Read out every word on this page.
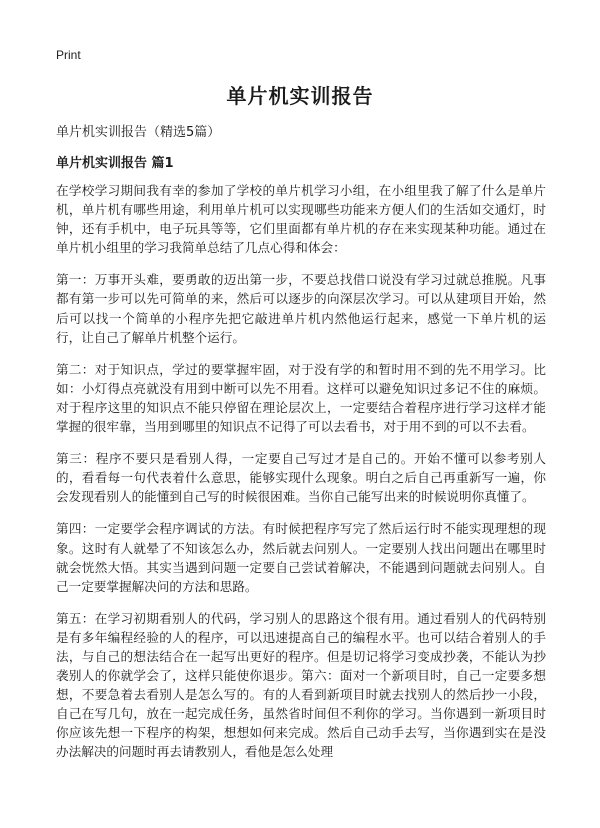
Print
单片机实训报告
单片机实训报告（精选5篇）
单片机实训报告 篇1

在学校学习期间我有幸的参加了学校的单片机学习小组，在小组里我了解了什么是单片机，单片机有哪些用途，利用单片机可以实现哪些功能来方便人们的生活如交通灯，时钟，还有手机中，电子玩具等等，它们里面都有单片机的存在来实现某种功能。通过在单片机小组里的学习我简单总结了几点心得和体会：

第一：万事开头难，要勇敢的迈出第一步，不要总找借口说没有学习过就总推脱。凡事都有第一步可以先可简单的来，然后可以逐步的向深层次学习。可以从建项目开始，然后可以找一个简单的小程序先把它敲进单片机内然他运行起来，感觉一下单片机的运行，让自己了解单片机整个运行。

第二：对于知识点，学过的要掌握牢固，对于没有学的和暂时用不到的先不用学习。比如：小灯得点亮就没有用到中断可以先不用看。这样可以避免知识过多记不住的麻烦。对于程序这里的知识点不能只停留在理论层次上，一定要结合着程序进行学习这样才能掌握的很牢靠，当用到哪里的知识点不记得了可以去看书，对于用不到的可以不去看。

第三：程序不要只是看别人得，一定要自己写过才是自己的。开始不懂可以参考别人的，看看每一句代表着什么意思，能够实现什么现象。明白之后自己再重新写一遍，你会发现看别人的能懂到自己写的时候很困难。当你自己能写出来的时候说明你真懂了。

第四：一定要学会程序调试的方法。有时候把程序写完了然后运行时不能实现理想的现象。这时有人就晕了不知该怎么办，然后就去问别人。一定要别人找出问题出在哪里时就会恍然大悟。其实当遇到问题一定要自己尝试着解决，不能遇到问题就去问别人。自己一定要掌握解决问的方法和思路。

第五：在学习初期看别人的代码，学习别人的思路这个很有用。通过看别人的代码特别是有多年编程经验的人的程序，可以迅速提高自己的编程水平。也可以结合着别人的手法，与自己的想法结合在一起写出更好的程序。但是切记将学习变成抄袭，不能认为抄袭别人的你就学会了，这样只能使你退步。第六：面对一个新项目时，自己一定要多想想，不要急着去看别人是怎么写的。有的人看到新项目时就去找别人的然后抄一小段，自己在写几句，放在一起完成任务，虽然省时间但不利你的学习。当你遇到一新项目时你应该先想一下程序的构架，想想如何来完成。然后自己动手去写，当你遇到实在是没办法解决的问题时再去请教别人，看他是怎么处理
